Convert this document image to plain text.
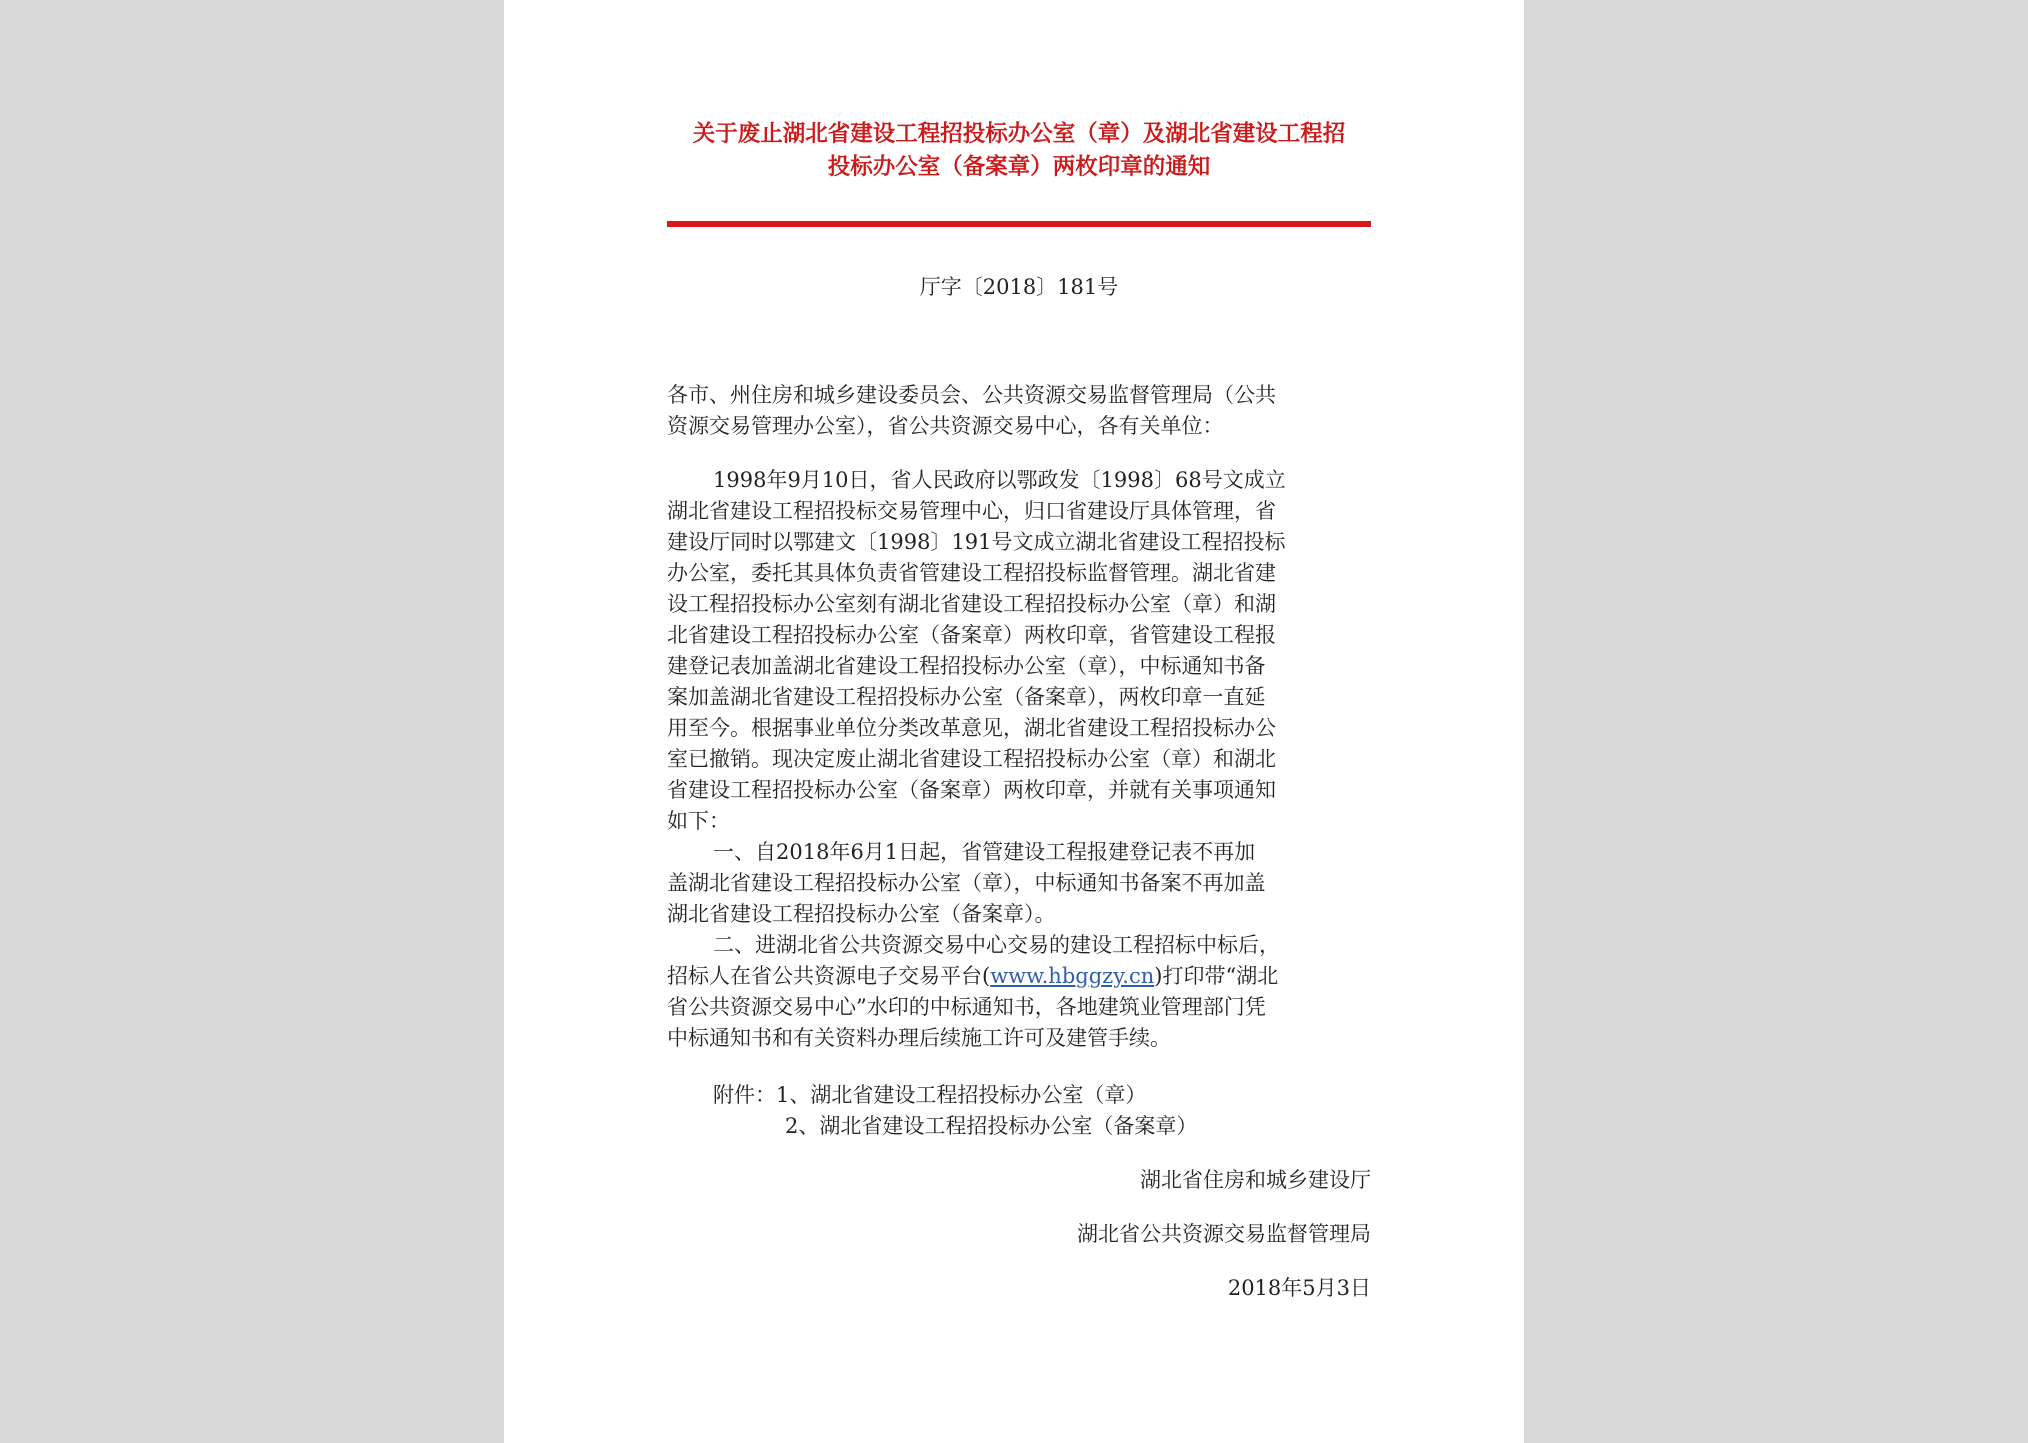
关于废止湖北省建设工程招投标办公室（章）及湖北省建设工程招
投标办公室（备案章）两枚印章的通知
厅字〔2018〕181号
各市、州住房和城乡建设委员会、公共资源交易监督管理局（公共
资源交易管理办公室），省公共资源交易中心，各有关单位：
1998年9月10日，省人民政府以鄂政发〔1998〕68号文成立
湖北省建设工程招投标交易管理中心，归口省建设厅具体管理，省
建设厅同时以鄂建文〔1998〕191号文成立湖北省建设工程招投标
办公室，委托其具体负责省管建设工程招投标监督管理。湖北省建
设工程招投标办公室刻有湖北省建设工程招投标办公室（章）和湖
北省建设工程招投标办公室（备案章）两枚印章，省管建设工程报
建登记表加盖湖北省建设工程招投标办公室（章），中标通知书备
案加盖湖北省建设工程招投标办公室（备案章），两枚印章一直延
用至今。根据事业单位分类改革意见，湖北省建设工程招投标办公
室已撤销。现决定废止湖北省建设工程招投标办公室（章）和湖北
省建设工程招投标办公室（备案章）两枚印章，并就有关事项通知
如下：
一、自2018年6月1日起，省管建设工程报建登记表不再加
盖湖北省建设工程招投标办公室（章），中标通知书备案不再加盖
湖北省建设工程招投标办公室（备案章）。
二、进湖北省公共资源交易中心交易的建设工程招标中标后，
招标人在省公共资源电子交易平台(www.hbggzy.cn)打印带“湖北
省公共资源交易中心”水印的中标通知书，各地建筑业管理部门凭
中标通知书和有关资料办理后续施工许可及建管手续。
附件：1、湖北省建设工程招投标办公室（章）
2、湖北省建设工程招投标办公室（备案章）
湖北省住房和城乡建设厅
湖北省公共资源交易监督管理局
2018年5月3日
